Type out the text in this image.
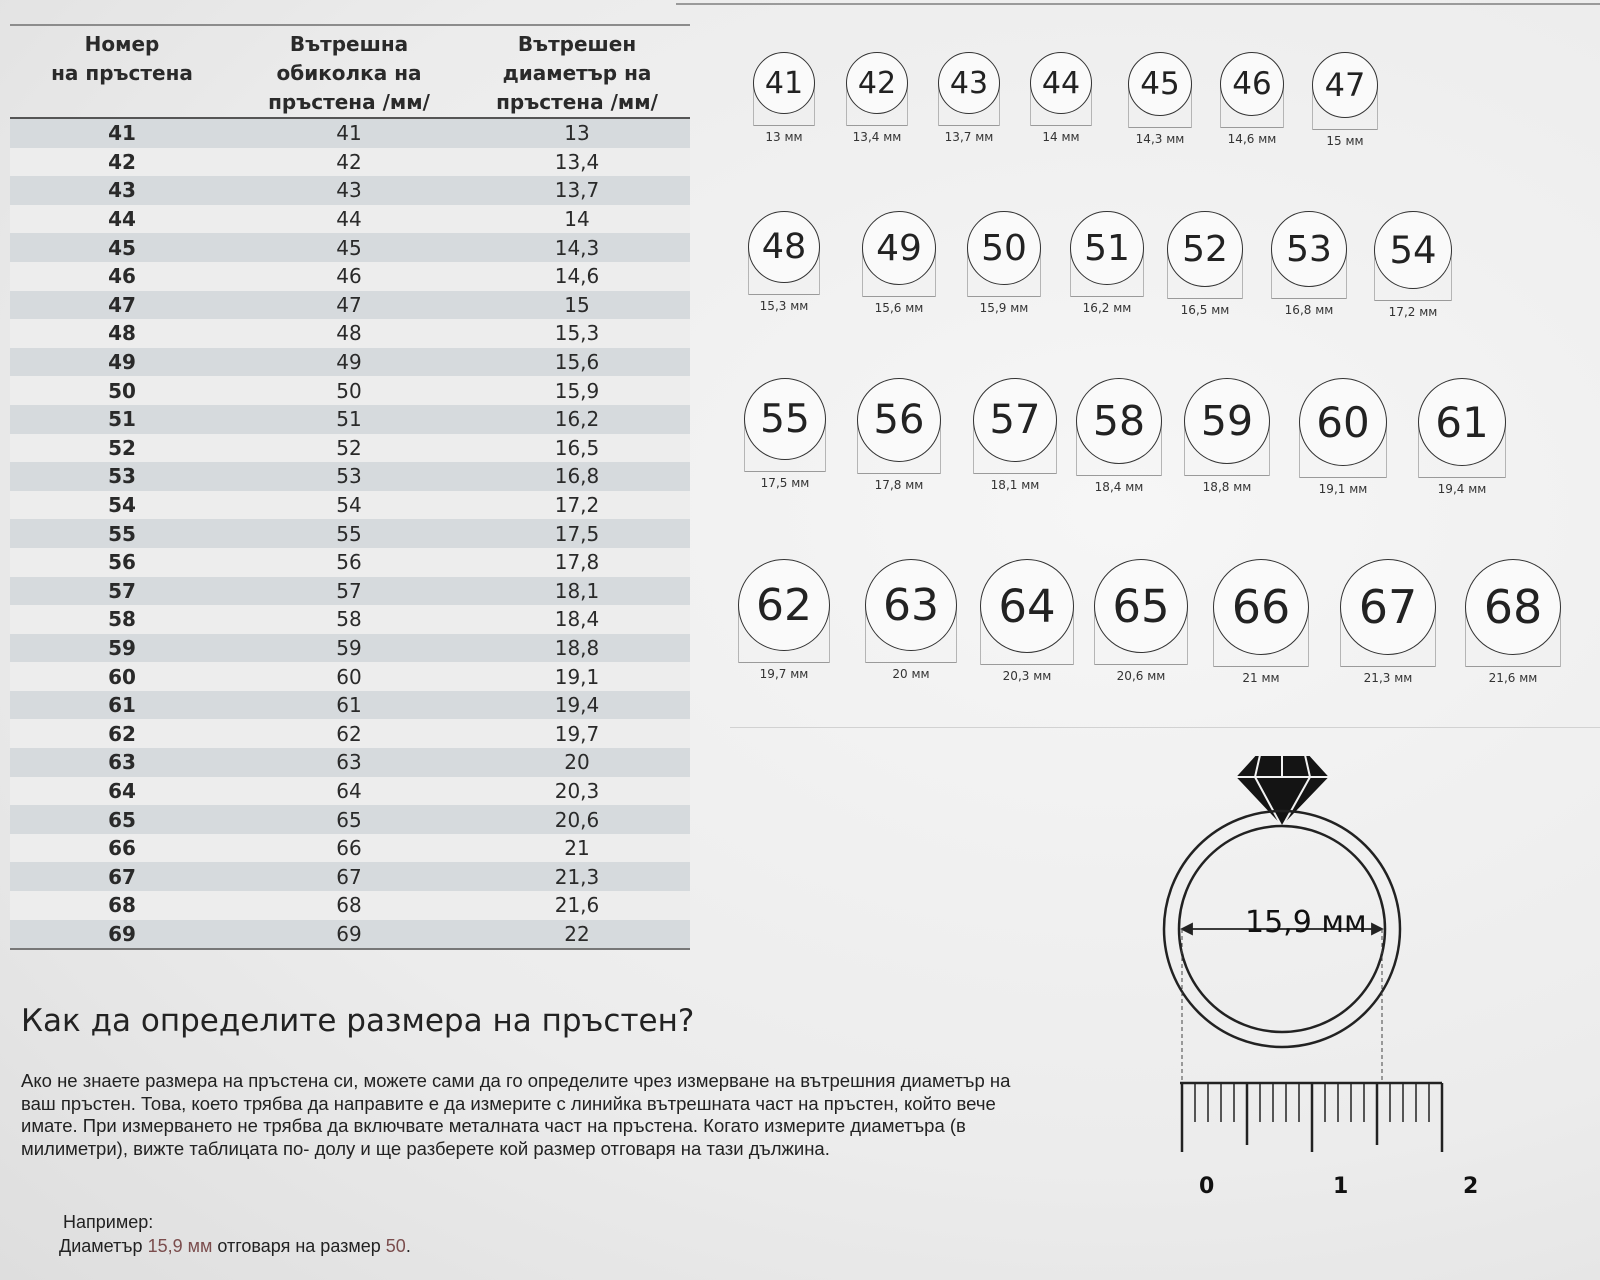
Номер
на пръстена	Вътрешна
обиколка на
пръстена /мм/	Вътрешен
диаметър на
пръстена /мм/
41	41	13
42	42	13,4
43	43	13,7
44	44	14
45	45	14,3
46	46	14,6
47	47	15
48	48	15,3
49	49	15,6
50	50	15,9
51	51	16,2
52	52	16,5
53	53	16,8
54	54	17,2
55	55	17,5
56	56	17,8
57	57	18,1
58	58	18,4
59	59	18,8
60	60	19,1
61	61	19,4
62	62	19,7
63	63	20
64	64	20,3
65	65	20,6
66	66	21
67	67	21,3
68	68	21,6
69	69	22
41
13 мм
42
13,4 мм
43
13,7 мм
44
14 мм
45
14,3 мм
46
14,6 мм
47
15 мм
48
15,3 мм
49
15,6 мм
50
15,9 мм
51
16,2 мм
52
16,5 мм
53
16,8 мм
54
17,2 мм
55
17,5 мм
56
17,8 мм
57
18,1 мм
58
18,4 мм
59
18,8 мм
60
19,1 мм
61
19,4 мм
62
19,7 мм
63
20 мм
64
20,3 мм
65
20,6 мм
66
21 мм
67
21,3 мм
68
21,6 мм
Как да определите размера на пръстен?
Ако не знаете размера на пръстена си, можете сами да го определите чрез измерване на вътрешния диаметър на ваш пръстен. Това, което трябва да направите е да измерите с линийка вътрешната част на пръстен, който вече имате. При измерването не трябва да включвате металната част на пръстена. Когато измерите диаметъра (в милиметри), вижте таблицата по- долу и ще разберете кой размер отговаря на тази дължина.
Например:
Диаметър 15,9 мм отговаря на размер 50.
15,9 мм
0	1	2
